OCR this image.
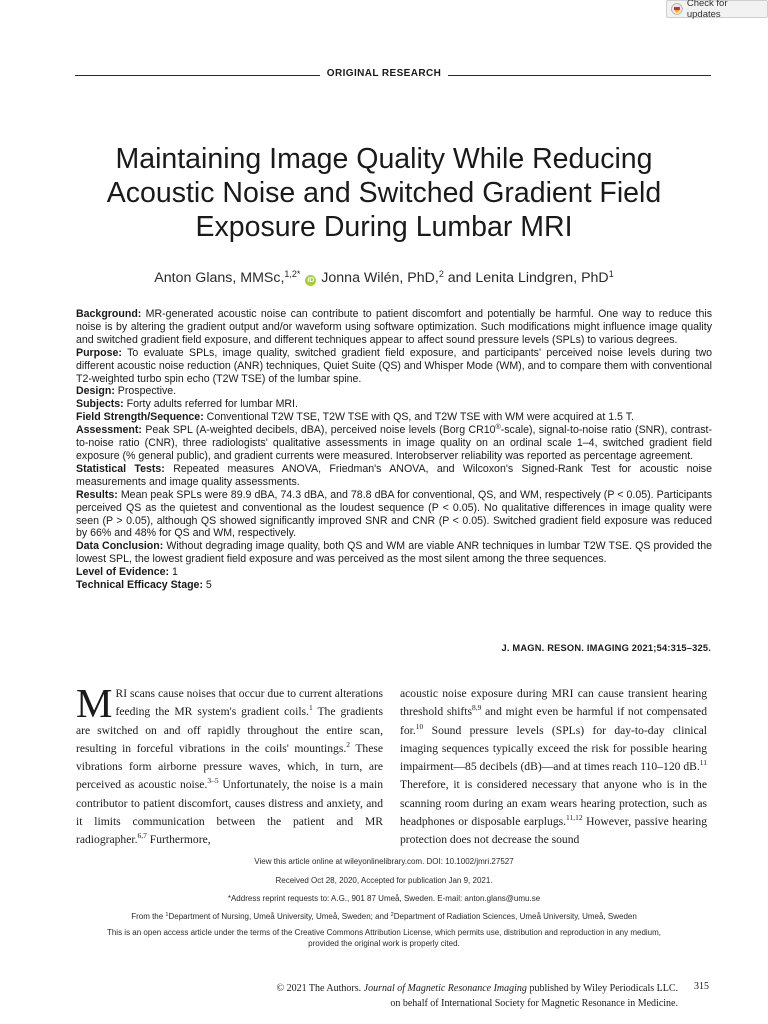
Check for updates
ORIGINAL RESEARCH
Maintaining Image Quality While Reducing Acoustic Noise and Switched Gradient Field Exposure During Lumbar MRI
Anton Glans, MMSc,$^{1,2*}$ iD Jonna Wilén, PhD,$^2$ and Lenita Lindgren, PhD$^1$

Background: MR-generated acoustic noise can contribute to patient discomfort and potentially be harmful. One way to reduce this noise is by altering the gradient output and/or waveform using software optimization. Such modifications might influence image quality and switched gradient field exposure, and different techniques appear to affect sound pressure levels (SPLs) to various degrees.

Purpose: To evaluate SPLs, image quality, switched gradient field exposure, and participants' perceived noise levels during two different acoustic noise reduction (ANR) techniques, Quiet Suite (QS) and Whisper Mode (WM), and to compare them with conventional T2-weighted turbo spin echo (T2W TSE) of the lumbar spine.

Design: Prospective.

Subjects: Forty adults referred for lumbar MRI.

Field Strength/Sequence: Conventional T2W TSE, T2W TSE with QS, and T2W TSE with WM were acquired at 1.5 T.

Assessment: Peak SPL (A-weighted decibels, dBA), perceived noise levels (Borg CR10®-scale), signal-to-noise ratio (SNR), contrast-to-noise ratio (CNR), three radiologists' qualitative assessments in image quality on an ordinal scale 1–4, switched gradient field exposure (% general public), and gradient currents were measured. Interobserver reliability was reported as percentage agreement.

Statistical Tests: Repeated measures ANOVA, Friedman's ANOVA, and Wilcoxon's Signed-Rank Test for acoustic noise measurements and image quality assessments.

Results: Mean peak SPLs were 89.9 dBA, 74.3 dBA, and 78.8 dBA for conventional, QS, and WM, respectively (P < 0.05). Participants perceived QS as the quietest and conventional as the loudest sequence (P < 0.05). No qualitative differences in image quality were seen (P > 0.05), although QS showed significantly improved SNR and CNR (P < 0.05). Switched gradient field exposure was reduced by 66% and 48% for QS and WM, respectively.

Data Conclusion: Without degrading image quality, both QS and WM are viable ANR techniques in lumbar T2W TSE. QS provided the lowest SPL, the lowest gradient field exposure and was perceived as the most silent among the three sequences.

Level of Evidence: 1

Technical Efficacy Stage: 5

J. MAGN. RESON. IMAGING 2021;54:315–325.

MRI scans cause noises that occur due to current alterations feeding the MR system's gradient coils.$^1$ The gradients are switched on and off rapidly throughout the entire scan, resulting in forceful vibrations in the coils' mountings.$^2$ These vibrations form airborne pressure waves, which, in turn, are perceived as acoustic noise.$^{3-5}$ Unfortunately, the noise is a main contributor to patient discomfort, causes distress and anxiety, and it limits communication between the patient and MR radiographer.$^{6,7}$ Furthermore,

acoustic noise exposure during MRI can cause transient hearing threshold shifts$^{8,9}$ and might even be harmful if not compensated for.$^{10}$ Sound pressure levels (SPLs) for day-to-day clinical imaging sequences typically exceed the risk for possible hearing impairment—85 decibels (dB)—and at times reach 110–120 dB.$^{11}$ Therefore, it is considered necessary that anyone who is in the scanning room during an exam wears hearing protection, such as headphones or disposable earplugs.$^{11,12}$ However, passive hearing protection does not decrease the sound

View this article online at wileyonlinelibrary.com. DOI: 10.1002/jmri.27527
Received Oct 28, 2020, Accepted for publication Jan 9, 2021.
*Address reprint requests to: A.G., 901 87 Umeå, Sweden. E-mail: anton.glans@umu.se
From the $^1$Department of Nursing, Umeå University, Umeå, Sweden; and $^2$Department of Radiation Sciences, Umeå University, Umeå, Sweden
This is an open access article under the terms of the Creative Commons Attribution License, which permits use, distribution and reproduction in any medium,
provided the original work is properly cited.
© 2021 The Authors. Journal of Magnetic Resonance Imaging published by Wiley Periodicals LLC.
on behalf of International Society for Magnetic Resonance in Medicine.
315
